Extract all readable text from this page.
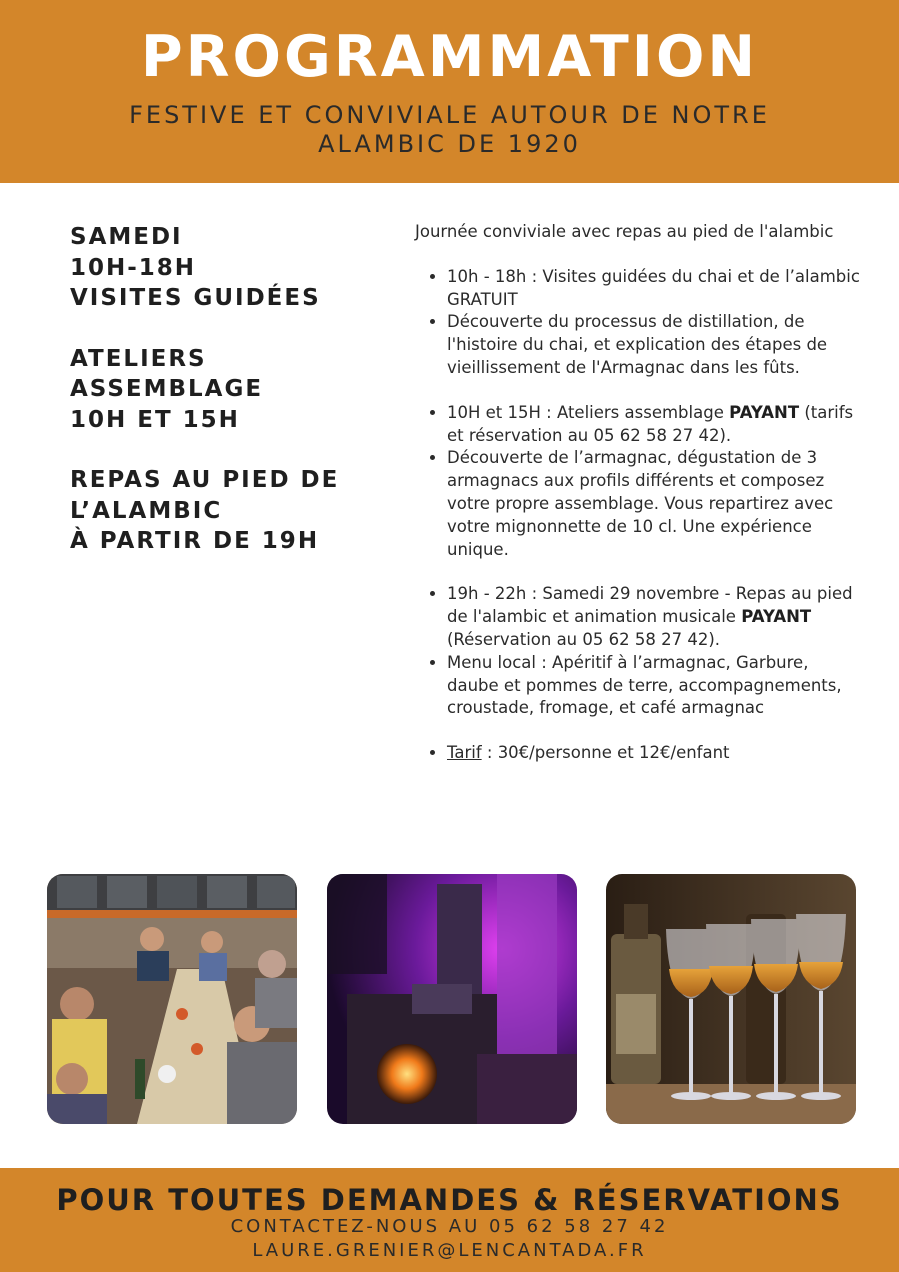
PROGRAMMATION
FESTIVE ET CONVIVIALE AUTOUR DE NOTRE
ALAMBIC DE 1920
SAMEDI
10H-18H
VISITES GUIDÉES
ATELIERS
ASSEMBLAGE
10H ET 15H
REPAS AU PIED DE
L’ALAMBIC
À PARTIR DE 19H

Journée conviviale avec repas au pied de l'alambic

• 10h - 18h : Visites guidées du chai et de l’alambic GRATUIT
• Découverte du processus de distillation, de l'histoire du chai, et explication des étapes de vieillissement de l'Armagnac dans les fûts.
• 10H et 15H : Ateliers assemblage PAYANT (tarifs et réservation au 05 62 58 27 42).
• Découverte de l’armagnac, dégustation de 3 armagnacs aux profils différents et composez votre propre assemblage. Vous repartirez avec votre mignonnette de 10 cl. Une expérience unique.
• 19h - 22h : Samedi 29 novembre - Repas au pied de l'alambic et animation musicale PAYANT (Réservation au 05 62 58 27 42).
• Menu local : Apéritif à l’armagnac, Garbure, daube et pommes de terre, accompagnements, croustade, fromage, et café armagnac
• Tarif : 30€/personne et 12€/enfant
POUR TOUTES DEMANDES & RÉSERVATIONS
CONTACTEZ-NOUS AU 05 62 58 27 42
LAURE.GRENIER@LENCANTADA.FR
